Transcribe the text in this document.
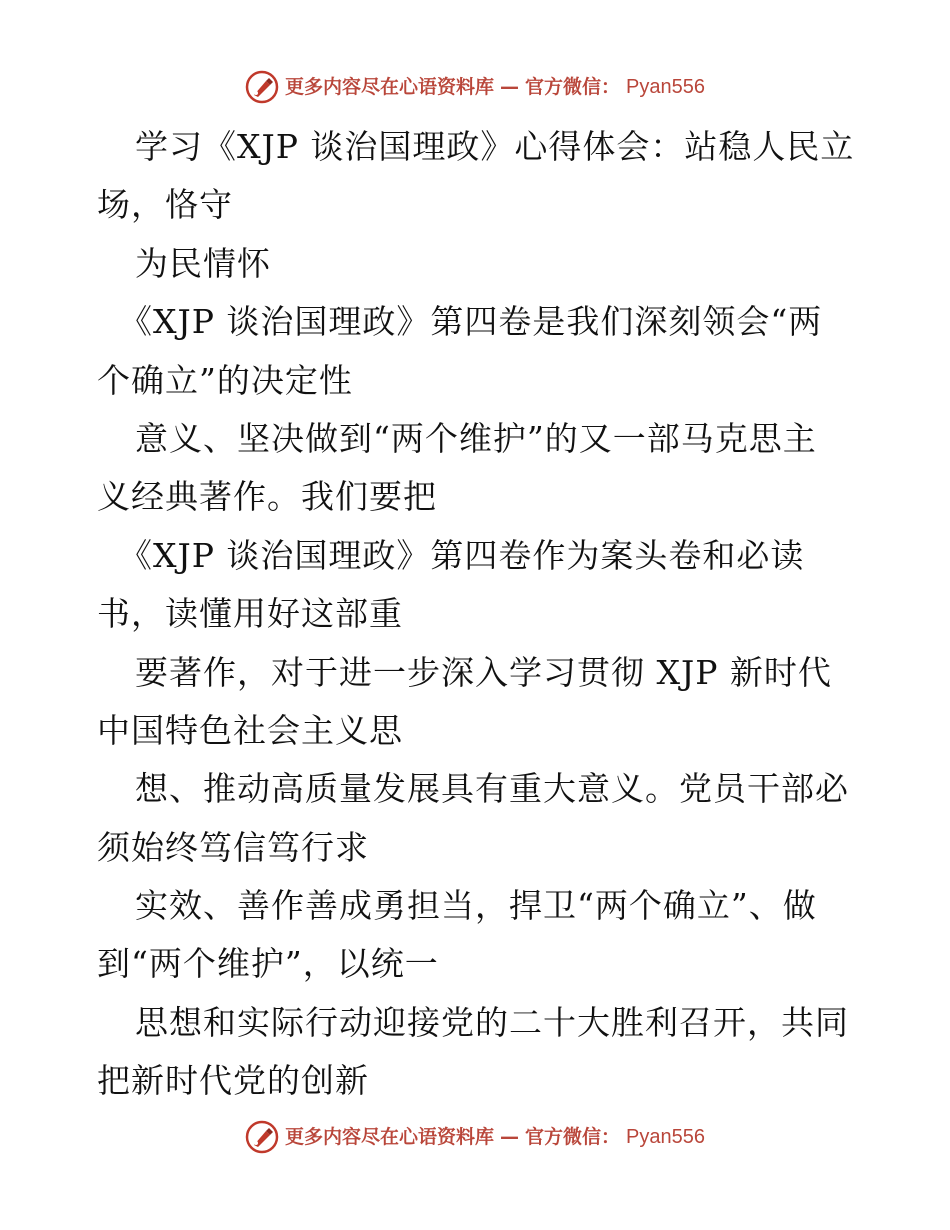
更多内容尽在心语资料库 — 官方微信： Pyan556
学习《XJP 谈治国理政》心得体会：站稳人民立
场，恪守
为民情怀
《XJP 谈治国理政》第四卷是我们深刻领会“两
个确立”的决定性
意义、坚决做到“两个维护”的又一部马克思主
义经典著作。我们要把
《XJP 谈治国理政》第四卷作为案头卷和必读
书，读懂用好这部重
要著作，对于进一步深入学习贯彻 XJP 新时代
中国特色社会主义思
想、推动高质量发展具有重大意义。党员干部必
须始终笃信笃行求
实效、善作善成勇担当，捍卫“两个确立”、做
到“两个维护”，以统一
思想和实际行动迎接党的二十大胜利召开，共同
把新时代党的创新
更多内容尽在心语资料库 — 官方微信： Pyan556
